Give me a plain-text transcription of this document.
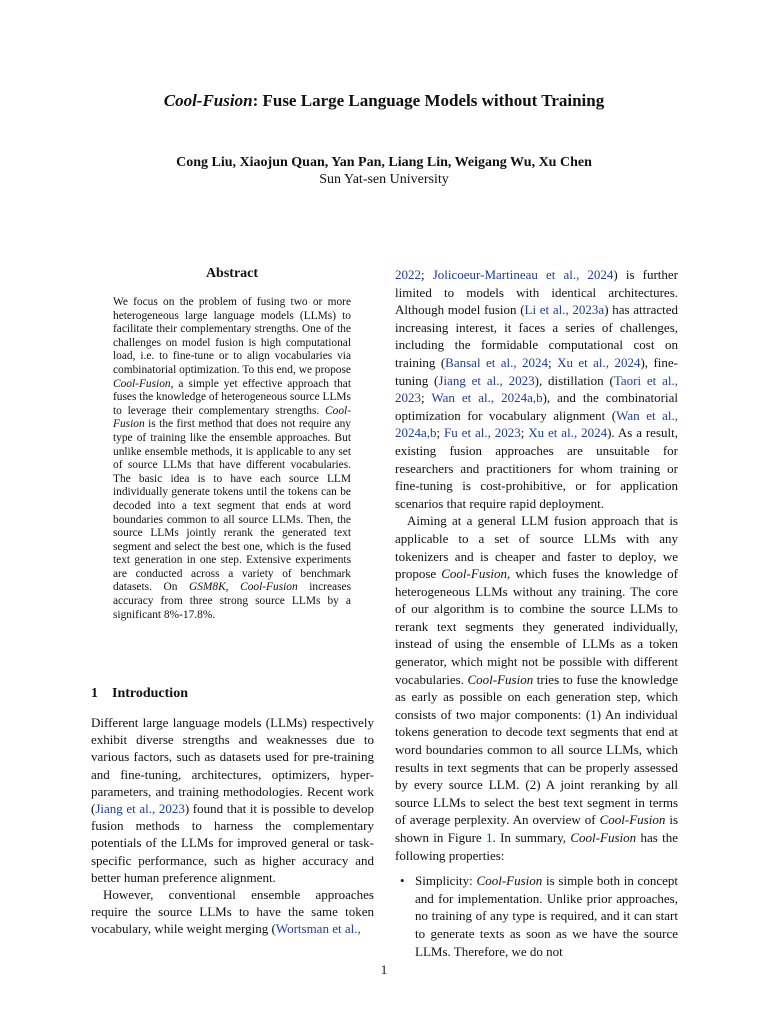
Cool-Fusion: Fuse Large Language Models without Training
Cong Liu, Xiaojun Quan, Yan Pan, Liang Lin, Weigang Wu, Xu Chen
Sun Yat-sen University
Abstract

We focus on the problem of fusing two or more heterogeneous large language models (LLMs) to facilitate their complementary strengths. One of the challenges on model fusion is high computational load, i.e. to fine-tune or to align vocabularies via combinatorial optimization. To this end, we propose Cool-Fusion, a simple yet effective approach that fuses the knowledge of heterogeneous source LLMs to leverage their complementary strengths. Cool-Fusion is the first method that does not require any type of training like the ensemble approaches. But unlike ensemble methods, it is applicable to any set of source LLMs that have different vocabularies. The basic idea is to have each source LLM individually generate tokens until the tokens can be decoded into a text segment that ends at word boundaries common to all source LLMs. Then, the source LLMs jointly rerank the generated text segment and select the best one, which is the fused text generation in one step. Extensive experiments are conducted across a variety of benchmark datasets. On GSM8K, Cool-Fusion increases accuracy from three strong source LLMs by a significant 8%-17.8%.

1 Introduction

Different large language models (LLMs) respectively exhibit diverse strengths and weaknesses due to various factors, such as datasets used for pre-training and fine-tuning, architectures, optimizers, hyper-parameters, and training methodologies. Recent work (Jiang et al., 2023) found that it is possible to develop fusion methods to harness the complementary potentials of the LLMs for improved general or task-specific performance, such as higher accuracy and better human preference alignment.

However, conventional ensemble approaches require the source LLMs to have the same token vocabulary, while weight merging (Wortsman et al.,

2022; Jolicoeur-Martineau et al., 2024) is further limited to models with identical architectures. Although model fusion (Li et al., 2023a) has attracted increasing interest, it faces a series of challenges, including the formidable computational cost on training (Bansal et al., 2024; Xu et al., 2024), fine-tuning (Jiang et al., 2023), distillation (Taori et al., 2023; Wan et al., 2024a,b), and the combinatorial optimization for vocabulary alignment (Wan et al., 2024a,b; Fu et al., 2023; Xu et al., 2024). As a result, existing fusion approaches are unsuitable for researchers and practitioners for whom training or fine-tuning is cost-prohibitive, or for application scenarios that require rapid deployment.

Aiming at a general LLM fusion approach that is applicable to a set of source LLMs with any tokenizers and is cheaper and faster to deploy, we propose Cool-Fusion, which fuses the knowledge of heterogeneous LLMs without any training. The core of our algorithm is to combine the source LLMs to rerank text segments they generated individually, instead of using the ensemble of LLMs as a token generator, which might not be possible with different vocabularies. Cool-Fusion tries to fuse the knowledge as early as possible on each generation step, which consists of two major components: (1) An individual tokens generation to decode text segments that end at word boundaries common to all source LLMs, which results in text segments that can be properly assessed by every source LLM. (2) A joint reranking by all source LLMs to select the best text segment in terms of average perplexity. An overview of Cool-Fusion is shown in Figure 1. In summary, Cool-Fusion has the following properties:

• Simplicity: Cool-Fusion is simple both in concept and for implementation. Unlike prior approaches, no training of any type is required, and it can start to generate texts as soon as we have the source LLMs. Therefore, we do not
1
